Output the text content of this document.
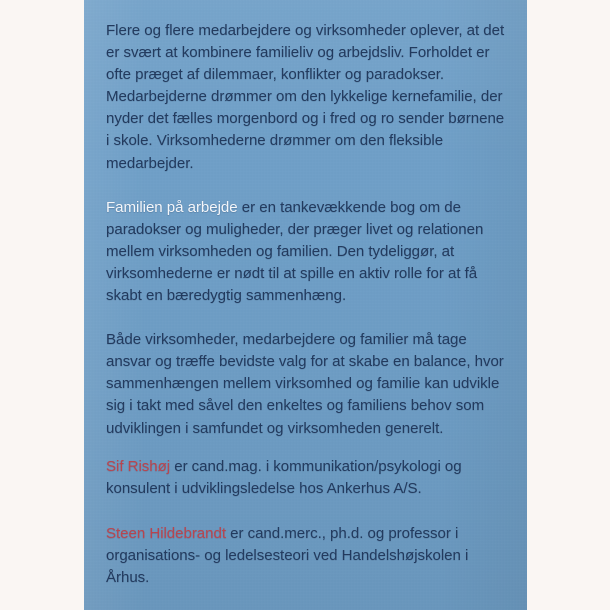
Flere og flere medarbejdere og virksomheder oplever, at det er svært at kombinere familieliv og arbejdsliv. Forholdet er ofte præget af dilemmaer, konflikter og paradokser. Medarbejderne drømmer om den lykkelige kernefamilie, der nyder det fælles morgenbord og i fred og ro sender børnene i skole. Virksomhederne drømmer om den fleksible medarbejder.

Familien på arbejde er en tankevækkende bog om de paradokser og muligheder, der præger livet og relationen mellem virksomheden og familien. Den tydeliggør, at virksomhederne er nødt til at spille en aktiv rolle for at få skabt en bæredygtig sammenhæng.

Både virksomheder, medarbejdere og familier må tage ansvar og træffe bevidste valg for at skabe en balance, hvor sammenhængen mellem virksomhed og familie kan udvikle sig i takt med såvel den enkeltes og familiens behov som udviklingen i samfundet og virksomheden generelt.

Sif Rishøj er cand.mag. i kommunikation/psykologi og konsulent i udviklingsledelse hos Ankerhus A/S.

Steen Hildebrandt er cand.merc., ph.d. og professor i organisations- og ledelsesteori ved Handelshøjskolen i Århus.
